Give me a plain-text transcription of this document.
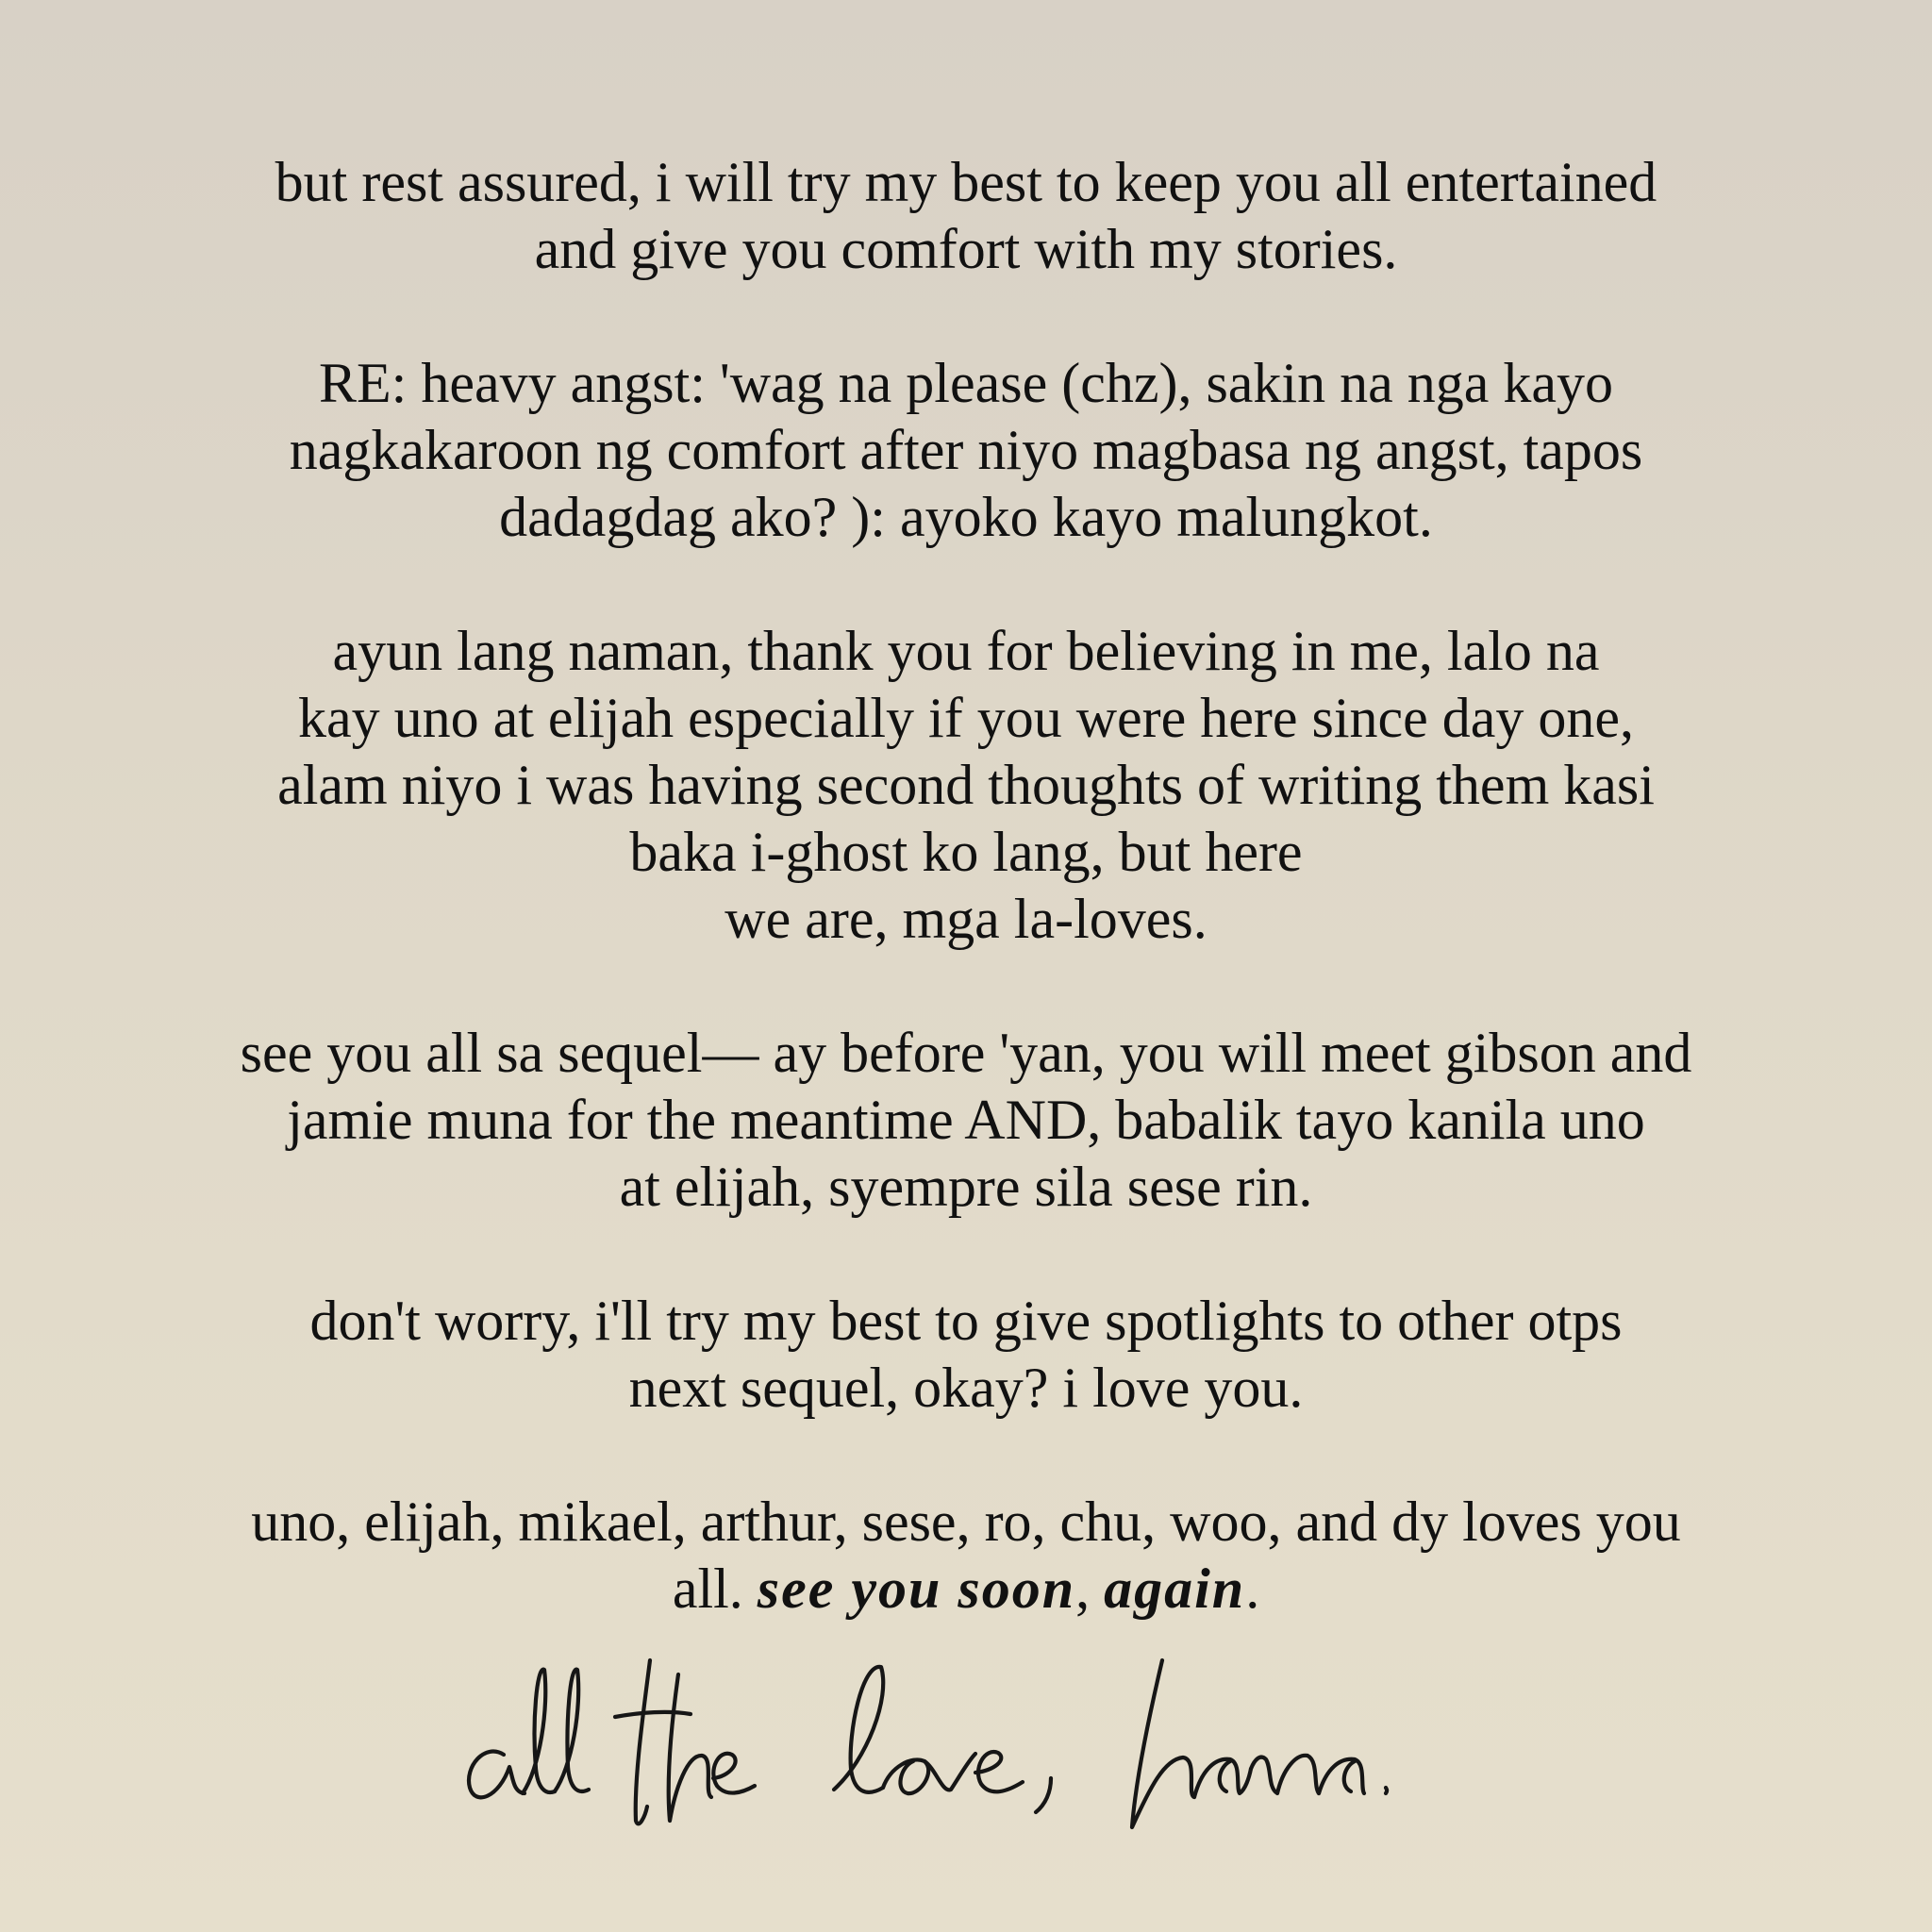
but rest assured, i will try my best to keep you all entertained
and give you comfort with my stories.

RE: heavy angst: 'wag na please (chz), sakin na nga kayo
nagkakaroon ng comfort after niyo magbasa ng angst, tapos
dadagdag ako? ): ayoko kayo malungkot.

ayun lang naman, thank you for believing in me, lalo na
kay uno at elijah especially if you were here since day one,
alam niyo i was having second thoughts of writing them kasi
baka i-ghost ko lang, but here
we are, mga la-loves.

see you all sa sequel— ay before 'yan, you will meet gibson and
jamie muna for the meantime AND, babalik tayo kanila uno
at elijah, syempre sila sese rin.

don't worry, i'll try my best to give spotlights to other otps
next sequel, okay? i love you.

uno, elijah, mikael, arthur, sese, ro, chu, woo, and dy loves you
all. see you soon, again.
